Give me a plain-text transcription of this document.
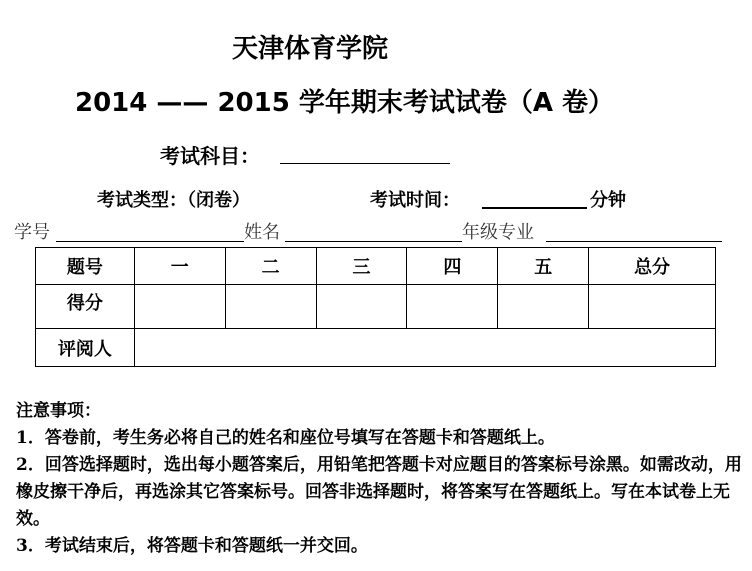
天津体育学院
2014 —— 2015 学年期末考试试卷（A 卷）
考试科目：
考试类型：（闭卷）	考试时间：	分钟
学号	姓名	年级专业
题号	一	二	三	四	五	总分
得分						
评阅人						

注意事项：

1．答卷前，考生务必将自己的姓名和座位号填写在答题卡和答题纸上。

2．回答选择题时，选出每小题答案后，用铅笔把答题卡对应题目的答案标号涂黑。如需改动，用橡皮擦干净后，再选涂其它答案标号。回答非选择题时，将答案写在答题纸上。写在本试卷上无效。

3．考试结束后，将答题卡和答题纸一并交回。
